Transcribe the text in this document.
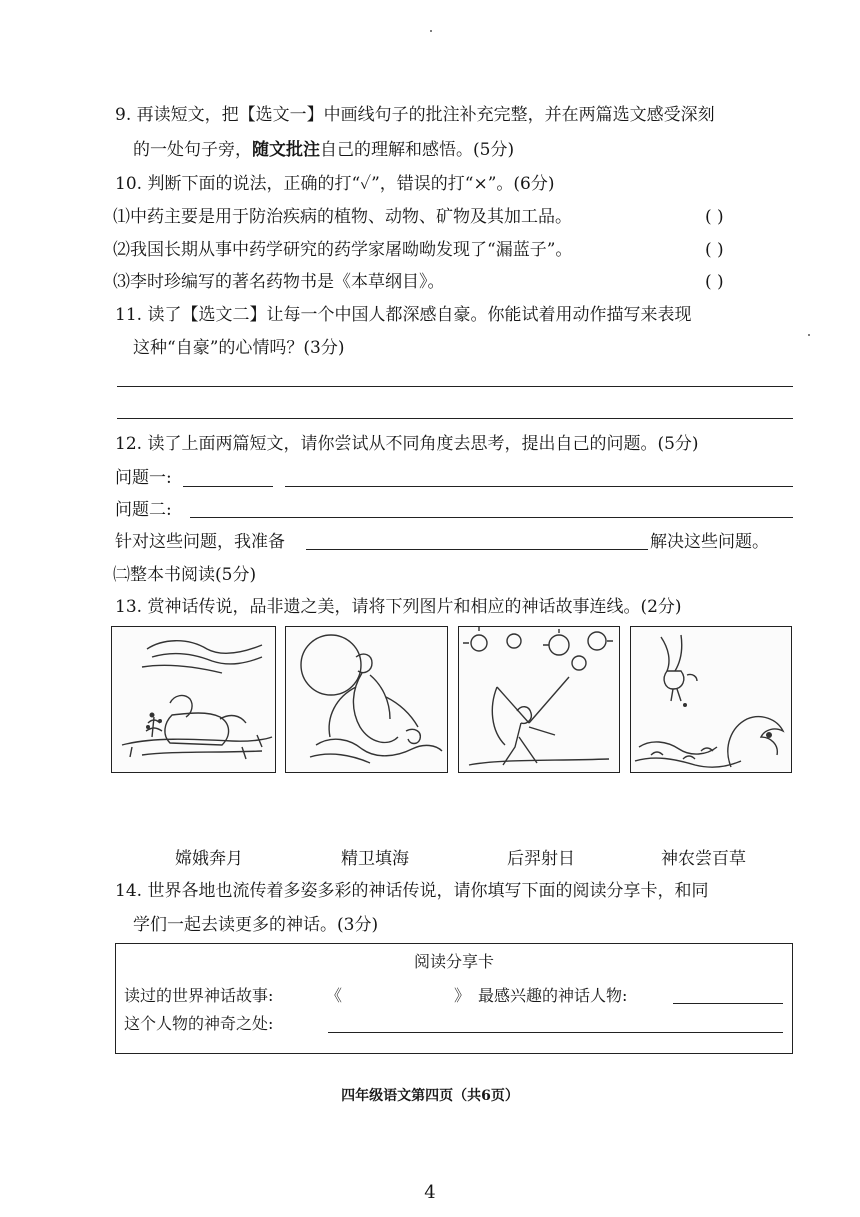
9. 再读短文，把【选文一】中画线句子的批注补充完整，并在两篇选文感受深刻
的一处句子旁，随文批注自己的理解和感悟。(5分)
10. 判断下面的说法，正确的打“✓”，错误的打“×”。(6分)
⑴中药主要是用于防治疾病的植物、动物、矿物及其加工品。	( )
⑵我国长期从事中药学研究的药学家屠呦呦发现了“漏蓝子”。	( )
⑶李时珍编写的著名药物书是《本草纲目》。	( )
11. 读了【选文二】让每一个中国人都深感自豪。你能试着用动作描写来表现
这种“自豪”的心情吗？(3分)
12. 读了上面两篇短文，请你尝试从不同角度去思考，提出自己的问题。(5分)
问题一:
问题二:
针对这些问题，我准备	解决这些问题。
㈡整本书阅读(5分)
13. 赏神话传说，品非遗之美，请将下列图片和相应的神话故事连线。(2分)
嫦娥奔月	精卫填海	后羿射日	神农尝百草
14. 世界各地也流传着多姿多彩的神话传说，请你填写下面的阅读分享卡，和同
学们一起去读更多的神话。(3分)
阅读分享卡
读过的世界神话故事:	《	》 最感兴趣的神话人物:
这个人物的神奇之处:
四年级语文第四页（共6页）
4
